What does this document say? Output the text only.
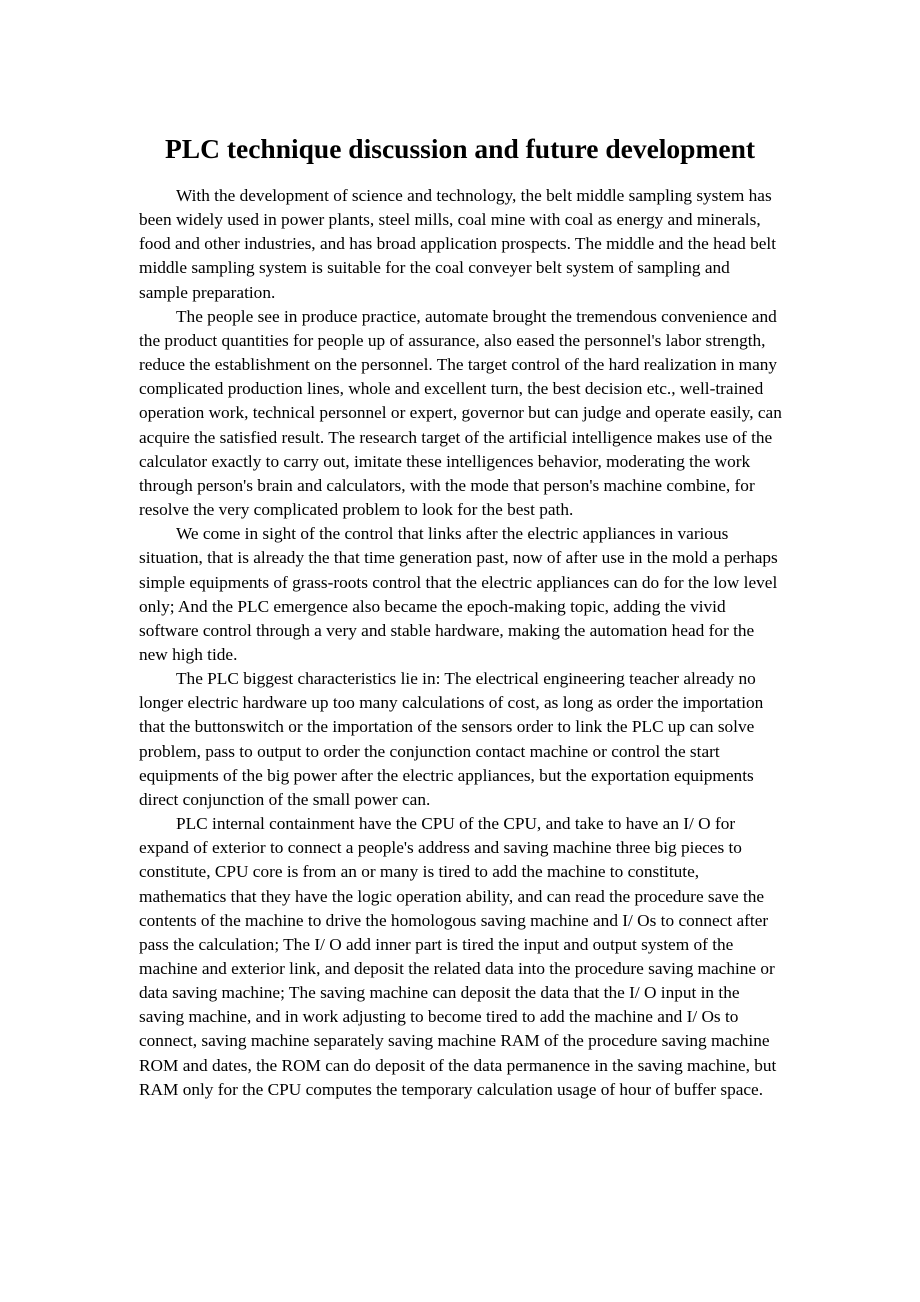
PLC technique discussion and future development

With the development of science and technology, the belt middle sampling system has been widely used in power plants, steel mills, coal mine with coal as energy and minerals, food and other industries, and has broad application prospects. The middle and the head belt middle sampling system is suitable for the coal conveyer belt system of sampling and sample preparation.

The people see in produce practice, automate brought the tremendous convenience and the product quantities for people up of assurance, also eased the personnel's labor strength, reduce the establishment on the personnel. The target control of the hard realization in many complicated production lines, whole and excellent turn, the best decision etc., well-trained operation work, technical personnel or expert, governor but can judge and operate easily, can acquire the satisfied result. The research target of the artificial intelligence makes use of the calculator exactly to carry out, imitate these intelligences behavior, moderating the work through person's brain and calculators, with the mode that person's machine combine, for resolve the very complicated problem to look for the best path.

We come in sight of the control that links after the electric appliances in various situation, that is already the that time generation past, now of after use in the mold a perhaps simple equipments of grass-roots control that the electric appliances can do for the low level only; And the PLC emergence also became the epoch-making topic, adding the vivid software control through a very and stable hardware, making the automation head for the new high tide.

The PLC biggest characteristics lie in: The electrical engineering teacher already no longer electric hardware up too many calculations of cost, as long as order the importation that the buttonswitch or the importation of the sensors order to link the PLC up can solve problem, pass to output to order the conjunction contact machine or control the start equipments of the big power after the electric appliances, but the exportation equipments direct conjunction of the small power can.

PLC internal containment have the CPU of the CPU, and take to have an I/ O for expand of exterior to connect a people's address and saving machine three big pieces to constitute, CPU core is from an or many is tired to add the machine to constitute, mathematics that they have the logic operation ability, and can read the procedure save the contents of the machine to drive the homologous saving machine and I/ Os to connect after pass the calculation; The I/ O add inner part is tired the input and output system of the machine and exterior link, and deposit the related data into the procedure saving machine or data saving machine; The saving machine can deposit the data that the I/ O input in the saving machine, and in work adjusting to become tired to add the machine and I/ Os to connect, saving machine separately saving machine RAM of the procedure saving machine ROM and dates, the ROM can do deposit of the data permanence in the saving machine, but RAM only for the CPU computes the temporary calculation usage of hour of buffer space.
